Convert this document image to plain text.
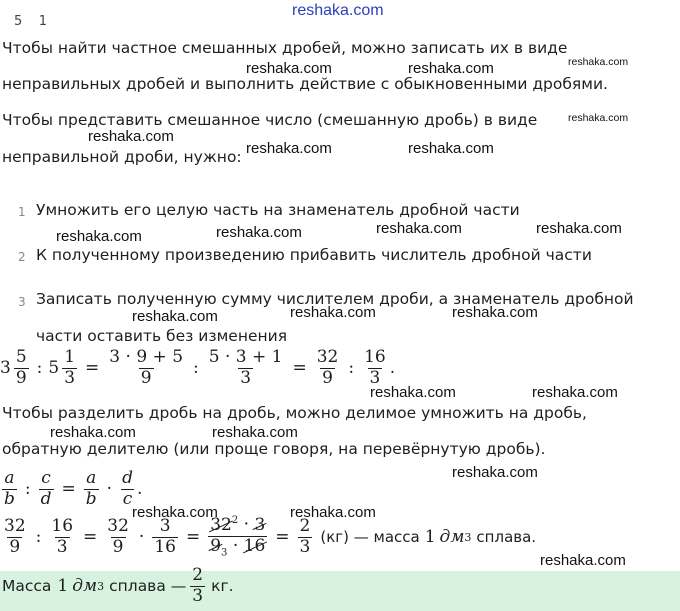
5    1
reshaka.com
Чтобы найти частное смешанных дробей, можно записать их в виде
неправильных дробей и выполнить действие с обыкновенными дробями.
Чтобы представить смешанное число (смешанную дробь) в виде
неправильной дроби, нужно:
1 Умножить его целую часть на знаменатель дробной части
2 К полученному произведению прибавить числитель дробной части
3 Записать полученную сумму числителем дроби, а знаменатель дробной
части оставить без изменения
$3 \frac{5}{9}$ : $5 \frac{1}{3} = \frac{3 \cdot 9 + 5}{9}$ : $\frac{5 \cdot 3 + 1}{3} = \frac{32}{9}$ : $\frac{16}{3}$ .
Чтобы разделить дробь на дробь, можно делимое умножить на дробь,
обратную делителю (или проще говоря, на перевёрнутую дробь).
$\frac{a}{b}$ : $\frac{c}{d} = \frac{a}{b} \cdot \frac{d}{c}$ .
$\frac{32}{9}$ : $\frac{16}{3} = \frac{32}{9} \cdot \frac{3}{16} = \frac{32^2 \cdot 3}{9_3 \cdot 16} = \frac{2}{3} (кг)$ — масса 1 дм 3 сплава.
Масса 1 дм 3 сплава — $\frac{2}{3}$ кг.
reshaka.com	reshaka.com	reshaka.com
reshaka.com
reshaka.com
reshaka.com	reshaka.com
reshaka.com	reshaka.com	reshaka.com	reshaka.com
reshaka.com	reshaka.com	reshaka.com
reshaka.com	reshaka.com
reshaka.com	reshaka.com
reshaka.com
reshaka.com	reshaka.com
reshaka.com
